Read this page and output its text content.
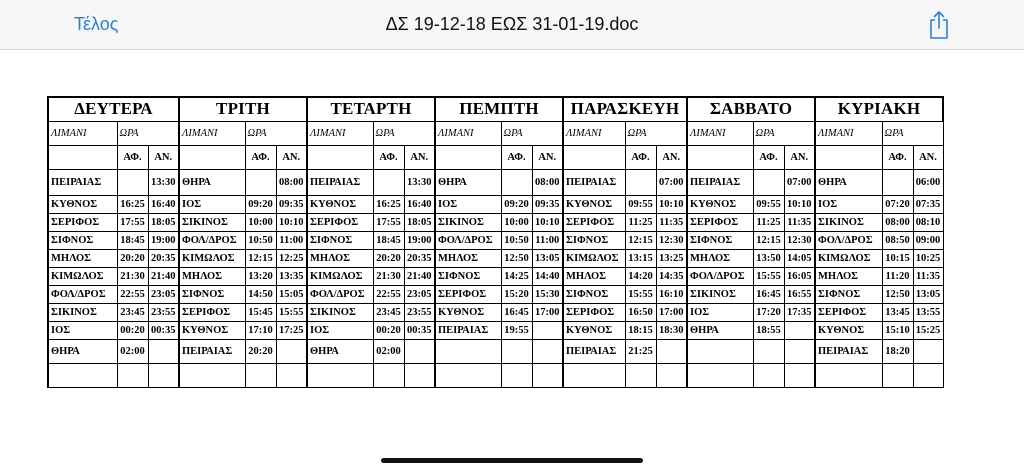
Τέλος	ΔΣ 19-12-18 ΕΩΣ 31-01-19.doc
ΔΕΥΤΕΡΑ			ΤΡΙΤΗ			ΤΕΤΑΡΤΗ			ΠΕΜΠΤΗ			ΠΑΡΑΣΚΕΥΗ			ΣΑΒΒΑΤΟ			ΚΥΡΙΑΚΗ		
ΛΙΜΑΝΙ	ΩΡΑ		ΛΙΜΑΝΙ	ΩΡΑ		ΛΙΜΑΝΙ	ΩΡΑ		ΛΙΜΑΝΙ	ΩΡΑ		ΛΙΜΑΝΙ	ΩΡΑ		ΛΙΜΑΝΙ	ΩΡΑ		ΛΙΜΑΝΙ	ΩΡΑ	
	ΑΦ.	ΑΝ.		ΑΦ.	ΑΝ.		ΑΦ.	ΑΝ.		ΑΦ.	ΑΝ.		ΑΦ.	ΑΝ.		ΑΦ.	ΑΝ.		ΑΦ.	ΑΝ.
ΠΕΙΡΑΙΑΣ		13:30	ΘΗΡΑ		08:00	ΠΕΙΡΑΙΑΣ		13:30	ΘΗΡΑ		08:00	ΠΕΙΡΑΙΑΣ		07:00	ΠΕΙΡΑΙΑΣ		07:00	ΘΗΡΑ		06:00
ΚΥΘΝΟΣ	16:25	16:40	ΙΟΣ	09:20	09:35	ΚΥΘΝΟΣ	16:25	16:40	ΙΟΣ	09:20	09:35	ΚΥΘΝΟΣ	09:55	10:10	ΚΥΘΝΟΣ	09:55	10:10	ΙΟΣ	07:20	07:35
ΣΕΡΙΦΟΣ	17:55	18:05	ΣΙΚΙΝΟΣ	10:00	10:10	ΣΕΡΙΦΟΣ	17:55	18:05	ΣΙΚΙΝΟΣ	10:00	10:10	ΣΕΡΙΦΟΣ	11:25	11:35	ΣΕΡΙΦΟΣ	11:25	11:35	ΣΙΚΙΝΟΣ	08:00	08:10
ΣΙΦΝΟΣ	18:45	19:00	ΦΟΛ/ΔΡΟΣ	10:50	11:00	ΣΙΦΝΟΣ	18:45	19:00	ΦΟΛ/ΔΡΟΣ	10:50	11:00	ΣΙΦΝΟΣ	12:15	12:30	ΣΙΦΝΟΣ	12:15	12:30	ΦΟΛ/ΔΡΟΣ	08:50	09:00
ΜΗΛΟΣ	20:20	20:35	ΚΙΜΩΛΟΣ	12:15	12:25	ΜΗΛΟΣ	20:20	20:35	ΜΗΛΟΣ	12:50	13:05	ΚΙΜΩΛΟΣ	13:15	13:25	ΜΗΛΟΣ	13:50	14:05	ΚΙΜΩΛΟΣ	10:15	10:25
ΚΙΜΩΛΟΣ	21:30	21:40	ΜΗΛΟΣ	13:20	13:35	ΚΙΜΩΛΟΣ	21:30	21:40	ΣΙΦΝΟΣ	14:25	14:40	ΜΗΛΟΣ	14:20	14:35	ΦΟΛ/ΔΡΟΣ	15:55	16:05	ΜΗΛΟΣ	11:20	11:35
ΦΟΛ/ΔΡΟΣ	22:55	23:05	ΣΙΦΝΟΣ	14:50	15:05	ΦΟΛ/ΔΡΟΣ	22:55	23:05	ΣΕΡΙΦΟΣ	15:20	15:30	ΣΙΦΝΟΣ	15:55	16:10	ΣΙΚΙΝΟΣ	16:45	16:55	ΣΙΦΝΟΣ	12:50	13:05
ΣΙΚΙΝΟΣ	23:45	23:55	ΣΕΡΙΦΟΣ	15:45	15:55	ΣΙΚΙΝΟΣ	23:45	23:55	ΚΥΘΝΟΣ	16:45	17:00	ΣΕΡΙΦΟΣ	16:50	17:00	ΙΟΣ	17:20	17:35	ΣΕΡΙΦΟΣ	13:45	13:55
ΙΟΣ	00:20	00:35	ΚΥΘΝΟΣ	17:10	17:25	ΙΟΣ	00:20	00:35	ΠΕΙΡΑΙΑΣ	19:55		ΚΥΘΝΟΣ	18:15	18:30	ΘΗΡΑ	18:55		ΚΥΘΝΟΣ	15:10	15:25
ΘΗΡΑ	02:00		ΠΕΙΡΑΙΑΣ	20:20		ΘΗΡΑ	02:00					ΠΕΙΡΑΙΑΣ	21:25					ΠΕΙΡΑΙΑΣ	18:20	
